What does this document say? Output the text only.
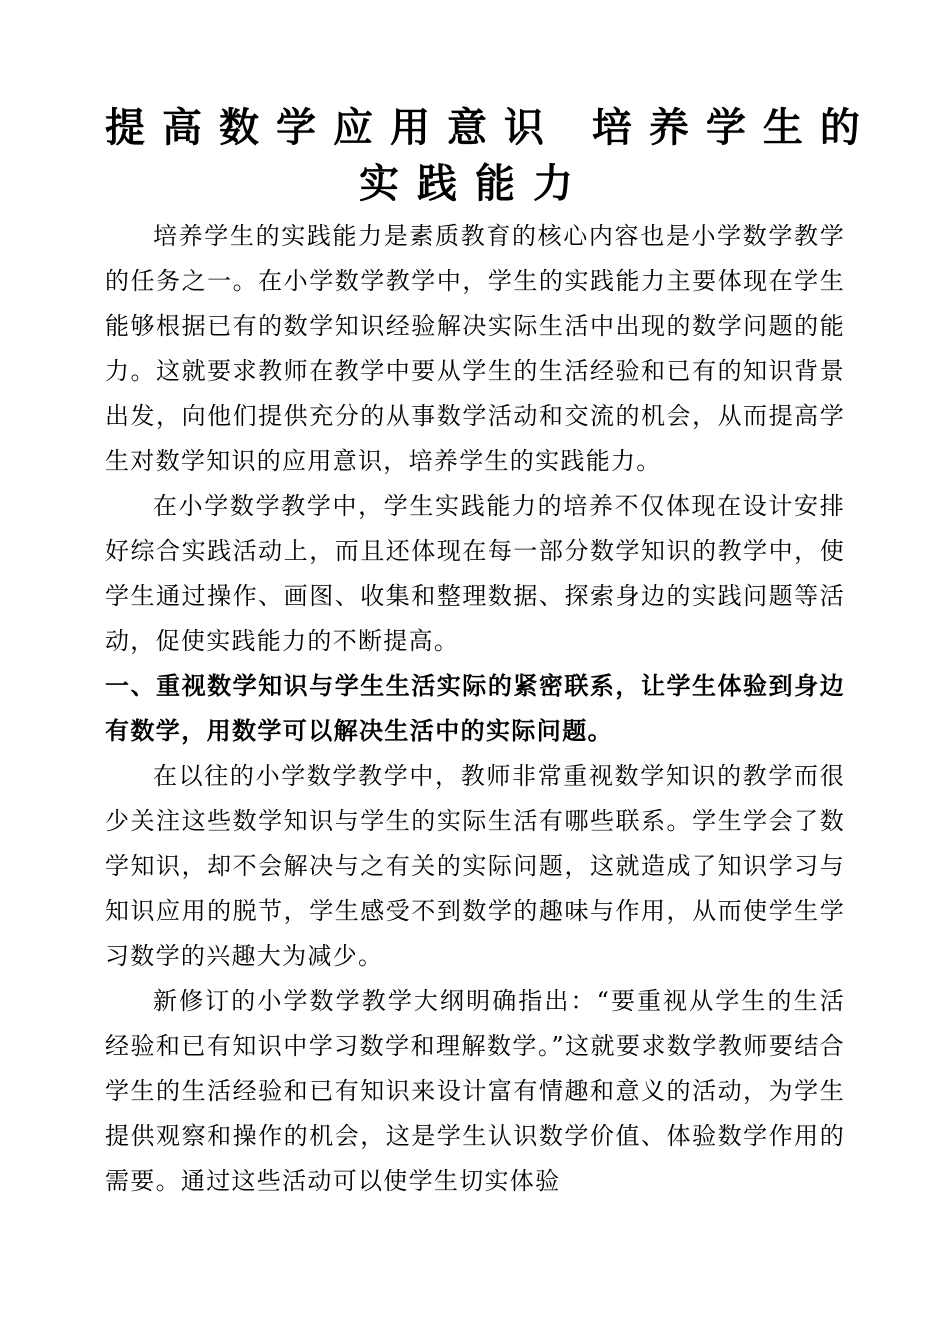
提高数学应用意识 培养学生的
实践能力

培养学生的实践能力是素质教育的核心内容也是小学数学教学的任务之一。在小学数学教学中，学生的实践能力主要体现在学生能够根据已有的数学知识经验解决实际生活中出现的数学问题的能力。这就要求教师在教学中要从学生的生活经验和已有的知识背景出发，向他们提供充分的从事数学活动和交流的机会，从而提高学生对数学知识的应用意识，培养学生的实践能力。

在小学数学教学中，学生实践能力的培养不仅体现在设计安排好综合实践活动上，而且还体现在每一部分数学知识的教学中，使学生通过操作、画图、收集和整理数据、探索身边的实践问题等活动，促使实践能力的不断提高。

一、重视数学知识与学生生活实际的紧密联系，让学生体验到身边有数学，用数学可以解决生活中的实际问题。

在以往的小学数学教学中，教师非常重视数学知识的教学而很少关注这些数学知识与学生的实际生活有哪些联系。学生学会了数学知识，却不会解决与之有关的实际问题，这就造成了知识学习与知识应用的脱节，学生感受不到数学的趣味与作用，从而使学生学习数学的兴趣大为减少。

新修订的小学数学教学大纲明确指出：“要重视从学生的生活经验和已有知识中学习数学和理解数学。”这就要求数学教师要结合学生的生活经验和已有知识来设计富有情趣和意义的活动，为学生提供观察和操作的机会，这是学生认识数学价值、体验数学作用的需要。通过这些活动可以使学生切实体验
